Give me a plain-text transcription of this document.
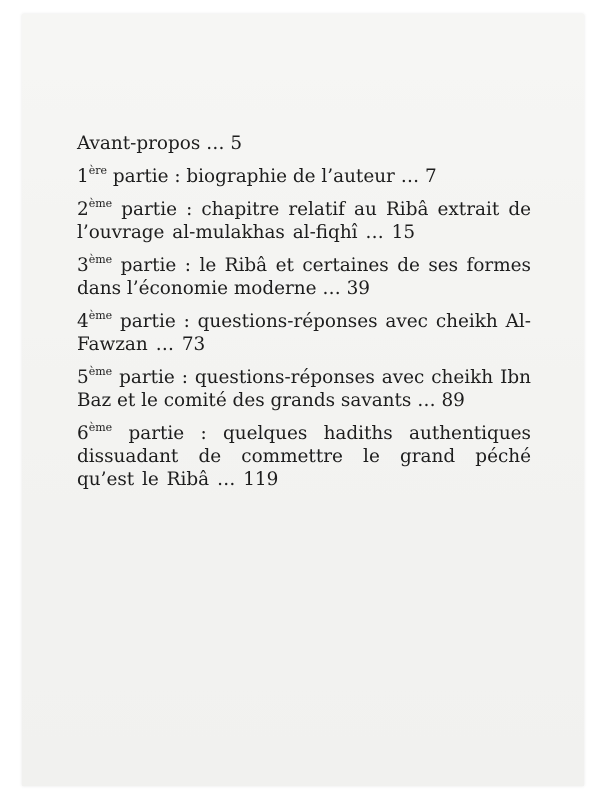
Avant-propos … 5
1ère partie : biographie de l’auteur … 7
2ème partie : chapitre relatif au Ribâ extrait de l’ouvrage al-mulakhas al-fiqhî … 15
3ème partie : le Ribâ et certaines de ses formes dans l’économie moderne … 39
4ème partie : questions-réponses avec cheikh Al-Fawzan … 73
5ème partie : questions-réponses avec cheikh Ibn Baz et le comité des grands savants … 89
6ème partie : quelques hadiths authentiques dissuadant de commettre le grand péché qu’est le Ribâ … 119
